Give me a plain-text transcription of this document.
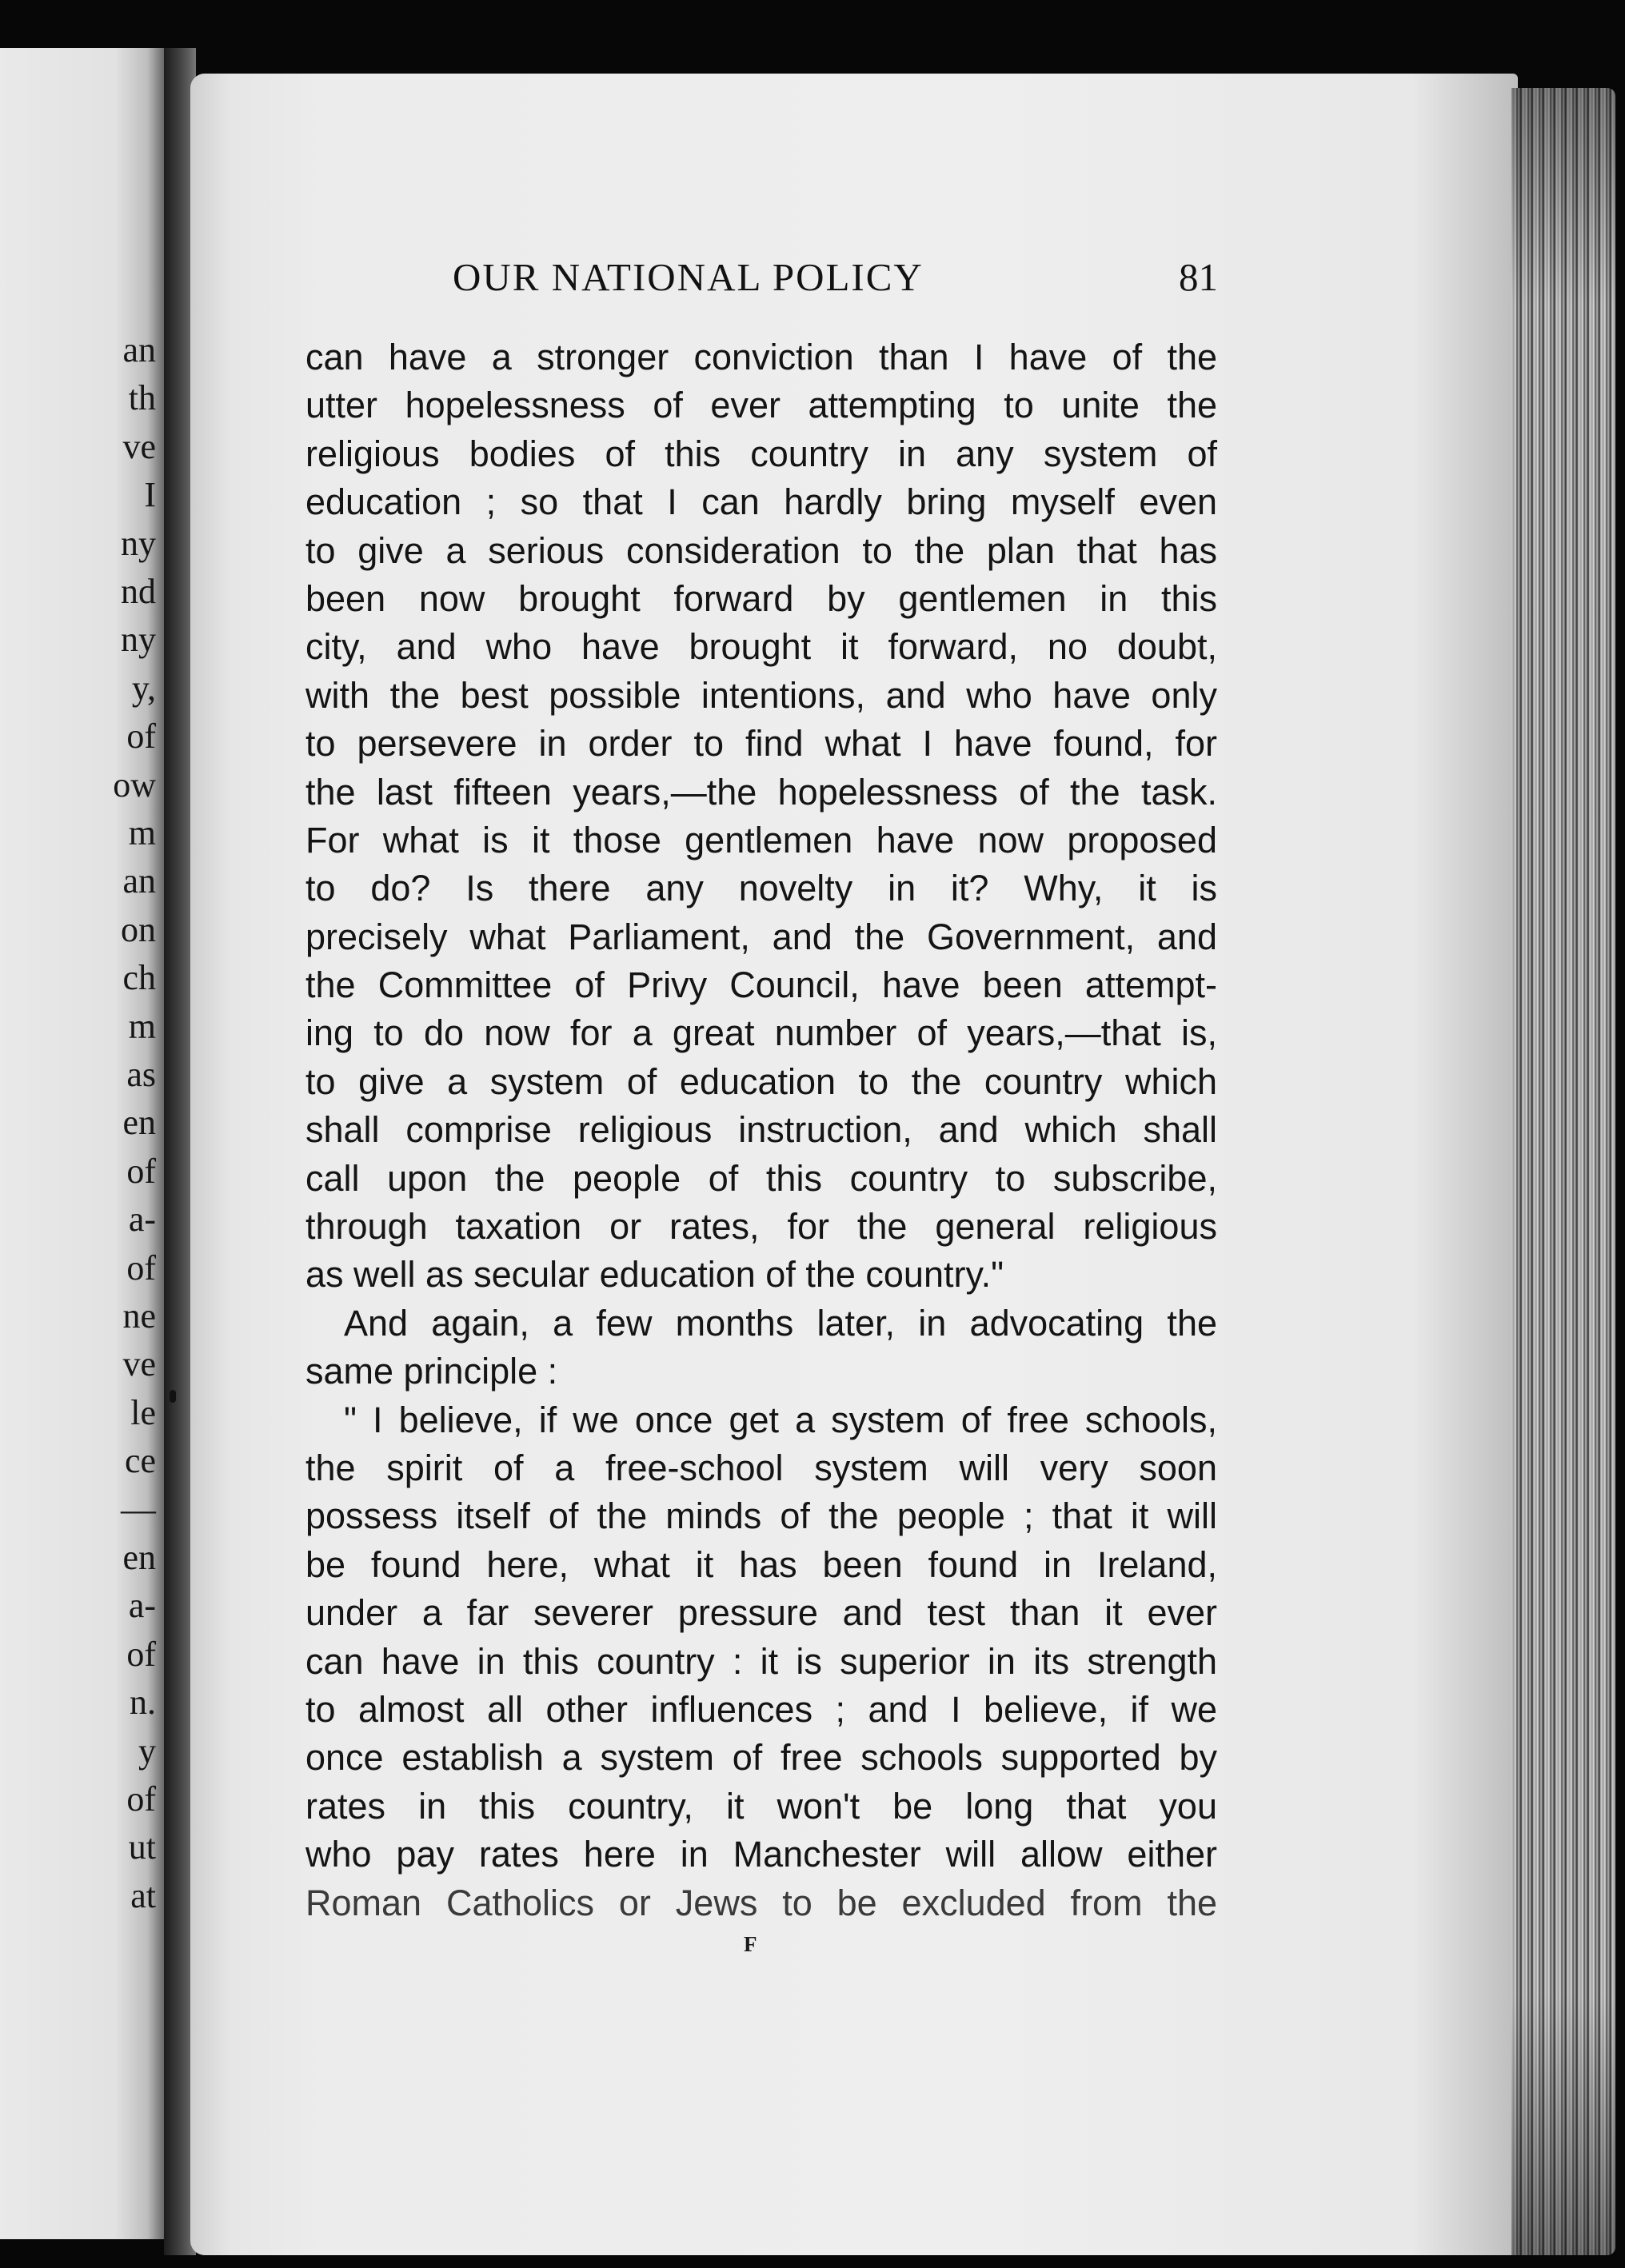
an
th
ve
I
ny
nd
ny
y,
of
ow
m
an
on
ch
m
as
en
of
a-
of
ne
ve
le
ce
—
en
a-
of
n.
y
of
ut
at
OUR NATIONAL POLICY	81
can have a stronger conviction than I have of the
utter hopelessness of ever attempting to unite the
religious bodies of this country in any system of
education ; so that I can hardly bring myself even
to give a serious consideration to the plan that has
been now brought forward by gentlemen in this
city, and who have brought it forward, no doubt,
with the best possible intentions, and who have only
to persevere in order to find what I have found, for
the last fifteen years,—the hopelessness of the task.
For what is it those gentlemen have now proposed
to do? Is there any novelty in it? Why, it is
precisely what Parliament, and the Government, and
the Committee of Privy Council, have been attempt-
ing to do now for a great number of years,—that is,
to give a system of education to the country which
shall comprise religious instruction, and which shall
call upon the people of this country to subscribe,
through taxation or rates, for the general religious
as well as secular education of the country."
And again, a few months later, in advocating the
same principle :
" I believe, if we once get a system of free schools,
the spirit of a free-school system will very soon
possess itself of the minds of the people ; that it will
be found here, what it has been found in Ireland,
under a far severer pressure and test than it ever
can have in this country : it is superior in its strength
to almost all other influences ; and I believe, if we
once establish a system of free schools supported by
rates in this country, it won't be long that you
who pay rates here in Manchester will allow either
Roman Catholics or Jews to be excluded from the
F
